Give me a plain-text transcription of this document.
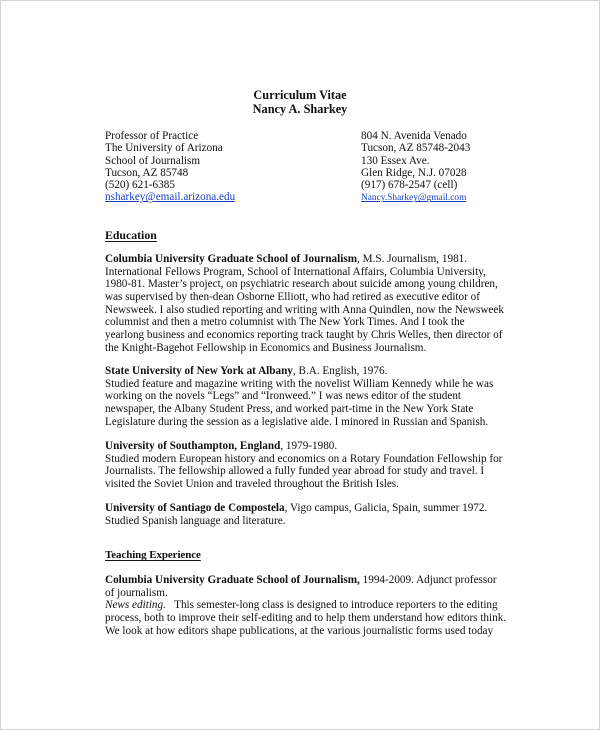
Curriculum Vitae
Nancy A. Sharkey
Professor of Practice
The University of Arizona
School of Journalism
Tucson, AZ 85748
(520) 621-6385
nsharkey@email.arizona.edu
804 N. Avenida Venado
Tucson, AZ 85748-2043
130 Essex Ave.
Glen Ridge, N.J. 07028
(917) 678-2547 (cell)
Nancy.Sharkey@gmail.com
Education

Columbia University Graduate School of Journalism, M.S. Journalism, 1981.

International Fellows Program, School of International Affairs, Columbia University,

1980-81. Master’s project, on psychiatric research about suicide among young children,

was supervised by then-dean Osborne Elliott, who had retired as executive editor of

Newsweek. I also studied reporting and writing with Anna Quindlen, now the Newsweek

columnist and then a metro columnist with The New York Times. And I took the

yearlong business and economics reporting track taught by Chris Welles, then director of

the Knight-Bagehot Fellowship in Economics and Business Journalism.

State University of New York at Albany, B.A. English, 1976.

Studied feature and magazine writing with the novelist William Kennedy while he was

working on the novels “Legs” and “Ironweed.” I was news editor of the student

newspaper, the Albany Student Press, and worked part-time in the New York State

Legislature during the session as a legislative aide. I minored in Russian and Spanish.

University of Southampton, England, 1979-1980.

Studied modern European history and economics on a Rotary Foundation Fellowship for

Journalists. The fellowship allowed a fully funded year abroad for study and travel. I

visited the Soviet Union and traveled throughout the British Isles.

University of Santiago de Compostela, Vigo campus, Galicia, Spain, summer 1972.

Studied Spanish language and literature.

Teaching Experience

Columbia University Graduate School of Journalism, 1994-2009. Adjunct professor

of journalism.

News editing.   This semester-long class is designed to introduce reporters to the editing

process, both to improve their self-editing and to help them understand how editors think.

We look at how editors shape publications, at the various journalistic forms used today
